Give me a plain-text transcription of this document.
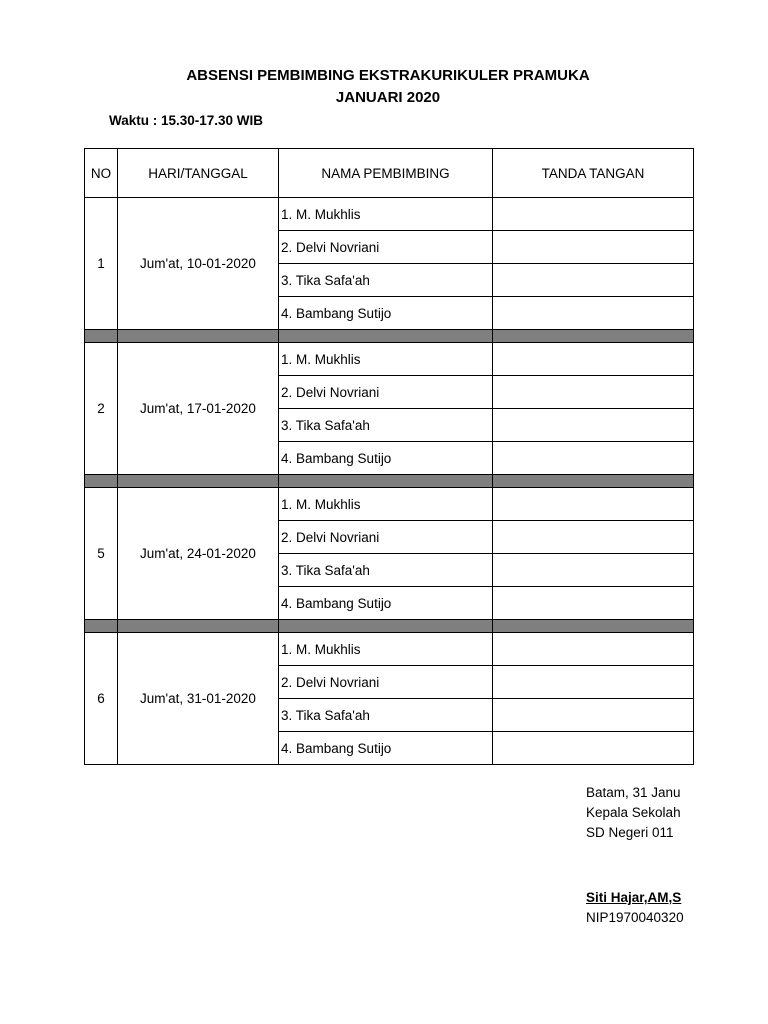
ABSENSI PEMBIMBING EKSTRAKURIKULER PRAMUKA
JANUARI 2020
Waktu : 15.30-17.30 WIB
NO	HARI/TANGGAL	NAMA PEMBIMBING	TANDA TANGAN
1	Jum'at, 10-01-2020	1. M. Mukhlis	
		2. Delvi Novriani	
		3. Tika Safa'ah	
		4. Bambang Sutijo	

2	Jum'at, 17-01-2020	1. M. Mukhlis	
		2. Delvi Novriani	
		3. Tika Safa'ah	
		4. Bambang Sutijo	

5	Jum'at, 24-01-2020	1. M. Mukhlis	
		2. Delvi Novriani	
		3. Tika Safa'ah	
		4. Bambang Sutijo	

6	Jum'at, 31-01-2020	1. M. Mukhlis	
		2. Delvi Novriani	
		3. Tika Safa'ah	
		4. Bambang Sutijo	
Batam, 31 Janu
Kepala Sekolah
SD Negeri 011
Siti Hajar,AM,S
NIP1970040320
